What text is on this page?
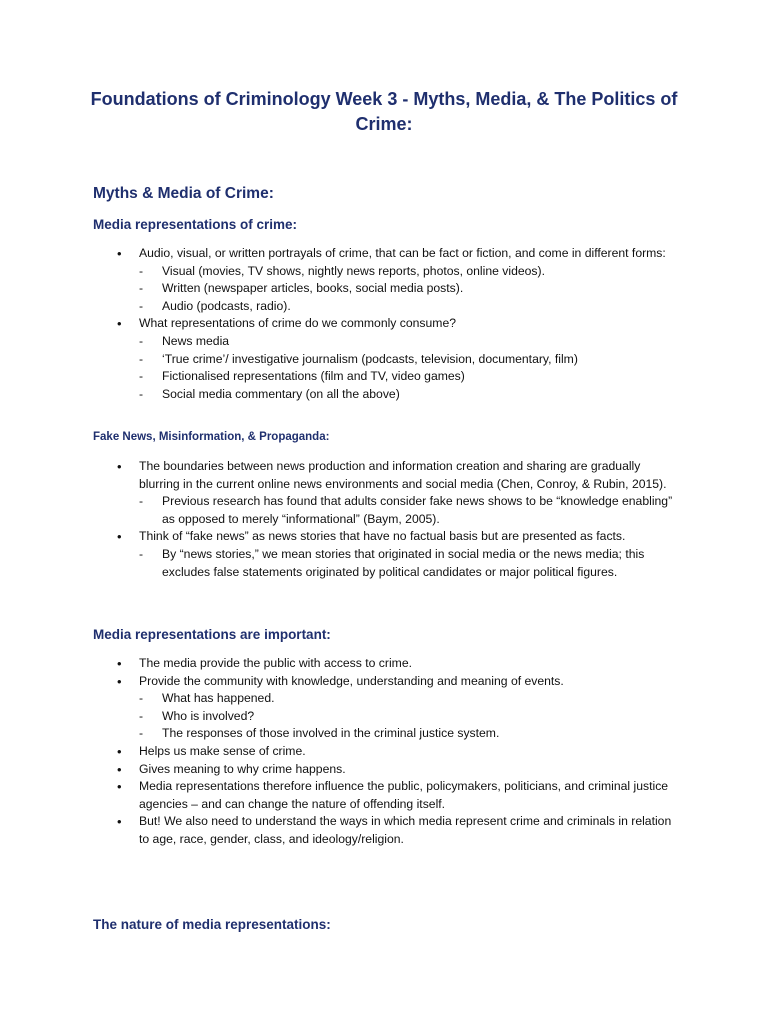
Foundations of Criminology Week 3 - Myths, Media, & The Politics of Crime:
Myths & Media of Crime:
Media representations of crime:
• Audio, visual, or written portrayals of crime, that can be fact or fiction, and come in different forms:
- Visual (movies, TV shows, nightly news reports, photos, online videos).
- Written (newspaper articles, books, social media posts).
- Audio (podcasts, radio).
• What representations of crime do we commonly consume?
- News media
- ‘True crime’/ investigative journalism (podcasts, television, documentary, film)
- Fictionalised representations (film and TV, video games)
- Social media commentary (on all the above)
Fake News, Misinformation, & Propaganda:
• The boundaries between news production and information creation and sharing are gradually blurring in the current online news environments and social media (Chen, Conroy, & Rubin, 2015).
- Previous research has found that adults consider fake news shows to be “knowledge enabling” as opposed to merely “informational” (Baym, 2005).
• Think of “fake news” as news stories that have no factual basis but are presented as facts.
- By “news stories,” we mean stories that originated in social media or the news media; this excludes false statements originated by political candidates or major political figures.
Media representations are important:
• The media provide the public with access to crime.
• Provide the community with knowledge, understanding and meaning of events.
- What has happened.
- Who is involved?
- The responses of those involved in the criminal justice system.
• Helps us make sense of crime.
• Gives meaning to why crime happens.
• Media representations therefore influence the public, policymakers, politicians, and criminal justice agencies – and can change the nature of offending itself.
• But! We also need to understand the ways in which media represent crime and criminals in relation to age, race, gender, class, and ideology/religion.
The nature of media representations:
